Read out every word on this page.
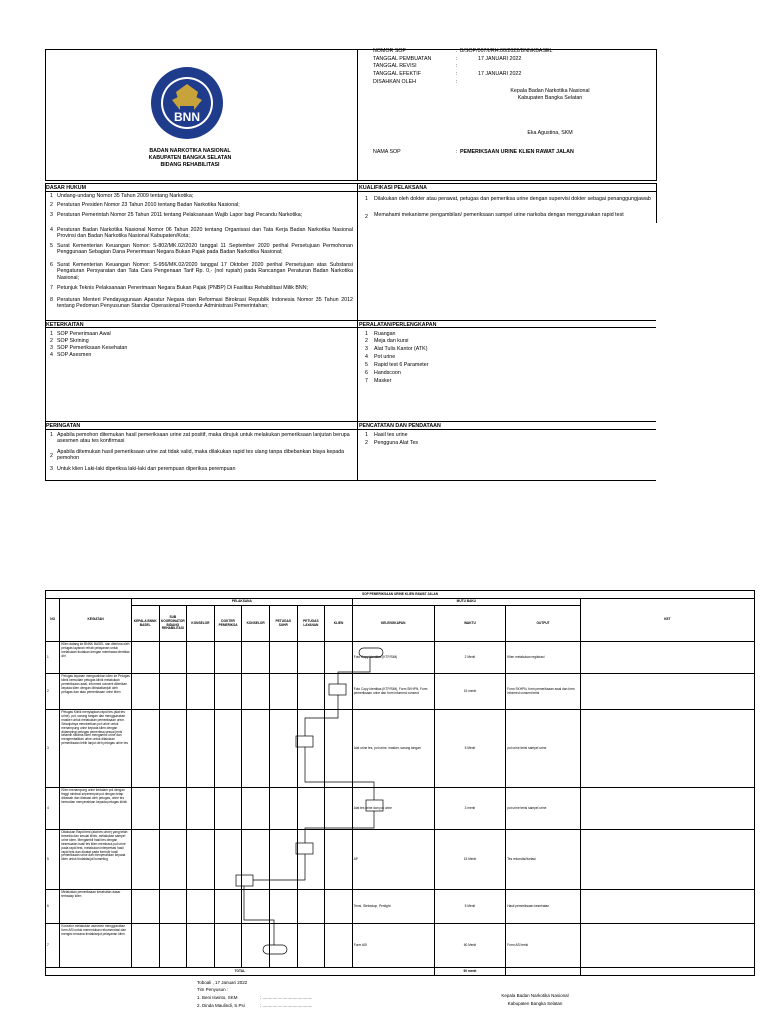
BNN
BADAN NARKOTIKA NASIONAL
KABUPATEN BANGKA SELATAN
BIDANG REHABILITASI
NOMOR SOP	: B/SOP/007/I/RH.00/2022/BNNKBASEL
TANGGAL PEMBUATAN	:	17 JANUARI 2022
TANGGAL REVISI	:
TANGGAL EFEKTIF	:	17 JANUARI 2022
DISAHKAN OLEH	:
Kepala Badan Narkotika Nasional
Kabupaten Bangka Selatan
Eka Agustina, SKM
NAMA SOP	: PEMERIKSAAN URINE KLIEN RAWAT JALAN
DASAR HUKUM
1 Undang-undang Nomor 35 Tahun 2009 tentang Narkotika;
2 Peraturan Presiden Nomor 23 Tahun 2010 tentang Badan Narkotika Nasional;
3 Peraturan Pemerintah Nomor 25 Tahun 2011 tentang Pelaksanaan Wajib Lapor bagi Pecandu Narkotika;
4 Peraturan Badan Narkotika Nasional Nomor 06 Tahun 2020 tentang Organisasi dan Tata Kerja Badan Narkotika Nasional Provinsi dan Badan Narkotika Nasional Kabupaten/Kota;
5 Surat Kementerian Keuangan Nomor: S-802/MK.02/2020 tanggal 11 September 2020 perihal Persetujuan Permohonan Penggunaan Sebagian Dana Penerimaan Negara Bukan Pajak pada Badan Narkotika Nasional;
6 Surat Kementerian Keuangan Nomor: S-956/MK.02/2020 tanggal 17 Oktober 2020 perihal Persetujuan atas Substansi Pengaturan Persyaratan dan Tata Cara Pengenaan Tarif Rp. 0,- (nol rupiah) pada Rancangan Peraturan Badan Narkotika Nasional;
7 Petunjuk Teknis Pelaksanaan Penerimaan Negara Bukan Pajak (PNBP) Di Fasilitas Rehabilitasi Milik BNN;
8 Peraturan Menteri Pendayagunaan Aparatur Negara dan Reformasi Birokrasi Republik Indonesia Nomor 35 Tahun 2012 tentang Pedoman Penyusunan Standar Operasional Prosedur Administrasi Pemerintahan;
KUALIFIKASI PELAKSANA
1 Dilakukan oleh dokter atau perawat, petugas dan pemeriksa urine dengan supervisi dokter sebagai penanggungjawab
2 Memahami mekanisme pengambilan/ pemeriksaan sampel urine narkoba dengan menggunakan rapid test
KETERKAITAN
1 SOP Penerimaan Awal
2 SOP Skrining
3 SOP Pemeriksaan Kesehatan
4 SOP Asesmen
PERALATAN/PERLENGKAPAN
1 Ruangan
2 Meja dan kursi
3 Alat Tulis Kantor (ATK)
4 Pot urine
5 Rapid test 6 Parameter
6 Handscoon
7 Masker
PERINGATAN
1 Apabila pemohon ditemukan hasil pemeriksaan urine zat positif, maka dirujuk untuk melakukan pemeriksaan lanjutan berupa asesmen atau tes konfirmasi
2
Apabila ditemukan hasil pemeriksaan urine zat tidak valid, maka dilakukan rapid tes ulang tanpa dibebankan biaya kepada pemohon
3 Untuk klien Laki-laki diperiksa laki-laki dan perempuan diperiksa perempuan
PENCATATAN DAN PENDATAAN
1 Hasil tes urine
2 Pengguna Alat Tes
SOP PEMERIKSAAN URINE KLIEN RAWAT JALAN													
NO	KEGIATAN	PELAKSANA								MUTU BAKU			KET
		KEPALA BNNK BASEL	SUB KOORDINATOR BIDANG REHABILITASI	KONSELOR	DOKTER PEMERIKSA	KONSELOR	PETUGAS SUHR	PETUGAS LAYANAN	KLIEN	KELENGKAPAN	WAKTU	OUTPUT	
1	Klien datang ke BNNK BASEL dan diterima oleh petugas layanan rehab pelayanan untuk melakukan tindakan dengan membawa identitas diri									Foto Copy Identitas (KTP/SIM)	2 Menit	Klien melakukan registrasi	
2	Petugas layanan mengarahkan klien ke Petugas klinik kemudian petugas klinik melakukan pemeriksaan awal, informed consent diberikan kepada klien dengan ditindaklanjuti oleh petugas dan atau pemeriksaan urine klien									Foto Copy Identitas (KTP/SIM), Form SKHPN, Form pemeriksaan urine dan form informed consent	15 menit	Form SKHPN, form pemeriksaan awal dan form informed consent terisi	
3	Petugas Klinik menyiapkan rapid tes (alat tes urine), pot, sarung tangan dan menggunakan masker untuk melakukan pemeriksaan urine. Selanjutnya memberikan pot urine untuk menampung urine kepada klien dengan didampingi petugas pemeriksa sesuai jenis kelamin selama klien mengambil urine dan mengembalikan urine untuk dilakukan pemeriksaan lebih lanjut oleh petugas urine tes									Alat urine tes, pot urine, masker, sarung tangan	5 Menit	pot urine terisi sampel urine	
4	Klien menampung urine kedalam pot dengan tinggi minimal seperempat pot dengan tetap dibawah dan diawasi oleh petugas, urine tes kemudian menyerahkan kepada petugas klinik									Alat tes urine dan pot urine	3 menit	pot urine terisi sampel urine	
5	Dilakukan Rapid test (alat tes urine) yang telah tersedia dan sesuai klinis, melakukan sampel urine klien. Mengambil hasil tes dengan kesesuaian hasil tes klien membaca pot urine pada rapid test, melakukan interpretasi hasil rapid test dan dicatat pada formulir hasil pemeriksaan urine dan menyerahkan kepada klien untuk tindaklanjut konseling									AP	15 Menit	Tes rekondisi/ivetasi	
6	Melakukan pemeriksaan kesehatan dasar terhadap klien									Tensi, Stetoskop, Penlight	5 Menit	Hasil pemeriksaan kesehatan	
7	Konselor melakukan asesmen menggunakan form ASI untuk menentukan rekomendasi dan mengisi rencana tindaklanjut pelayanan klien									Form ASI	60 Menit	Form ASI terisi	
TOTAL											90 menit		
Toboali , 17 Januari 2022
Tim Penyusun :
1. Beni Iswnto, SKM	: ........................................
2. Dinda Maulindi, S.Psi	: ........................................
Kepala Badan Narkotika Nasional
Kabupaten Bangka Selatan
